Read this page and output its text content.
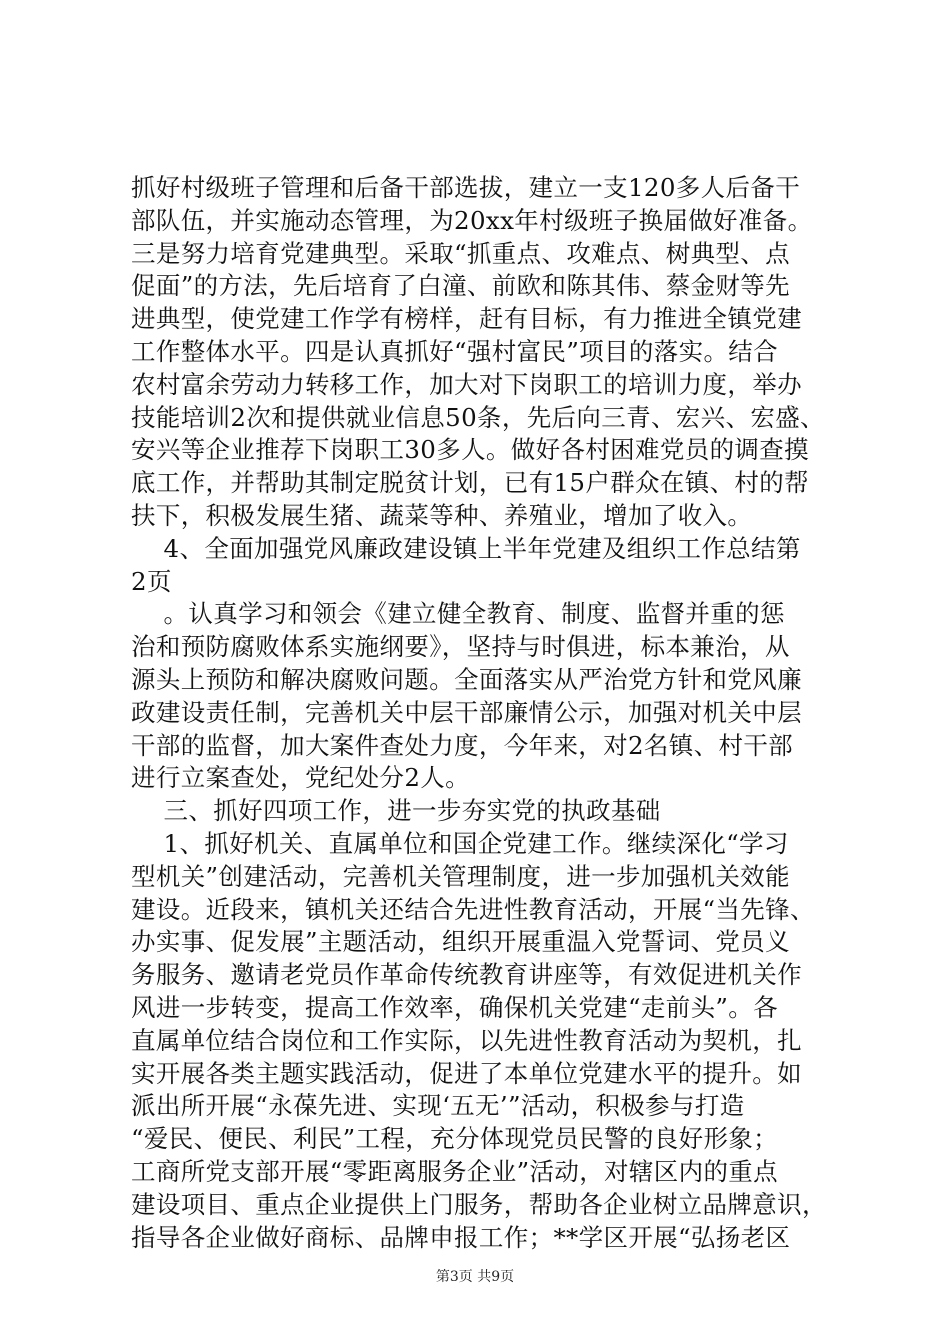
抓好村级班子管理和后备干部选拔，建立一支120多人后备干
部队伍，并实施动态管理，为20xx年村级班子换届做好准备。
三是努力培育党建典型。采取“抓重点、攻难点、树典型、点
促面”的方法，先后培育了白潼、前欧和陈其伟、蔡金财等先
进典型，使党建工作学有榜样，赶有目标，有力推进全镇党建
工作整体水平。四是认真抓好“强村富民”项目的落实。结合
农村富余劳动力转移工作，加大对下岗职工的培训力度，举办
技能培训2次和提供就业信息50条，先后向三青、宏兴、宏盛、
安兴等企业推荐下岗职工30多人。做好各村困难党员的调查摸
底工作，并帮助其制定脱贫计划，已有15户群众在镇、村的帮
扶下，积极发展生猪、蔬菜等种、养殖业，增加了收入。
4、全面加强党风廉政建设镇上半年党建及组织工作总结第
2页
。认真学习和领会《建立健全教育、制度、监督并重的惩
治和预防腐败体系实施纲要》，坚持与时俱进，标本兼治，从
源头上预防和解决腐败问题。全面落实从严治党方针和党风廉
政建设责任制，完善机关中层干部廉情公示，加强对机关中层
干部的监督，加大案件查处力度，今年来，对2名镇、村干部
进行立案查处，党纪处分2人。
三、抓好四项工作，进一步夯实党的执政基础
1、抓好机关、直属单位和国企党建工作。继续深化“学习
型机关”创建活动，完善机关管理制度，进一步加强机关效能
建设。近段来，镇机关还结合先进性教育活动，开展“当先锋、
办实事、促发展”主题活动，组织开展重温入党誓词、党员义
务服务、邀请老党员作革命传统教育讲座等，有效促进机关作
风进一步转变，提高工作效率，确保机关党建“走前头”。各
直属单位结合岗位和工作实际，以先进性教育活动为契机，扎
实开展各类主题实践活动，促进了本单位党建水平的提升。如
派出所开展“永葆先进、实现‘五无’”活动，积极参与打造
“爱民、便民、利民”工程，充分体现党员民警的良好形象；
工商所党支部开展“零距离服务企业”活动，对辖区内的重点
建设项目、重点企业提供上门服务，帮助各企业树立品牌意识，
指导各企业做好商标、品牌申报工作；**学区开展“弘扬老区
第3页 共9页
